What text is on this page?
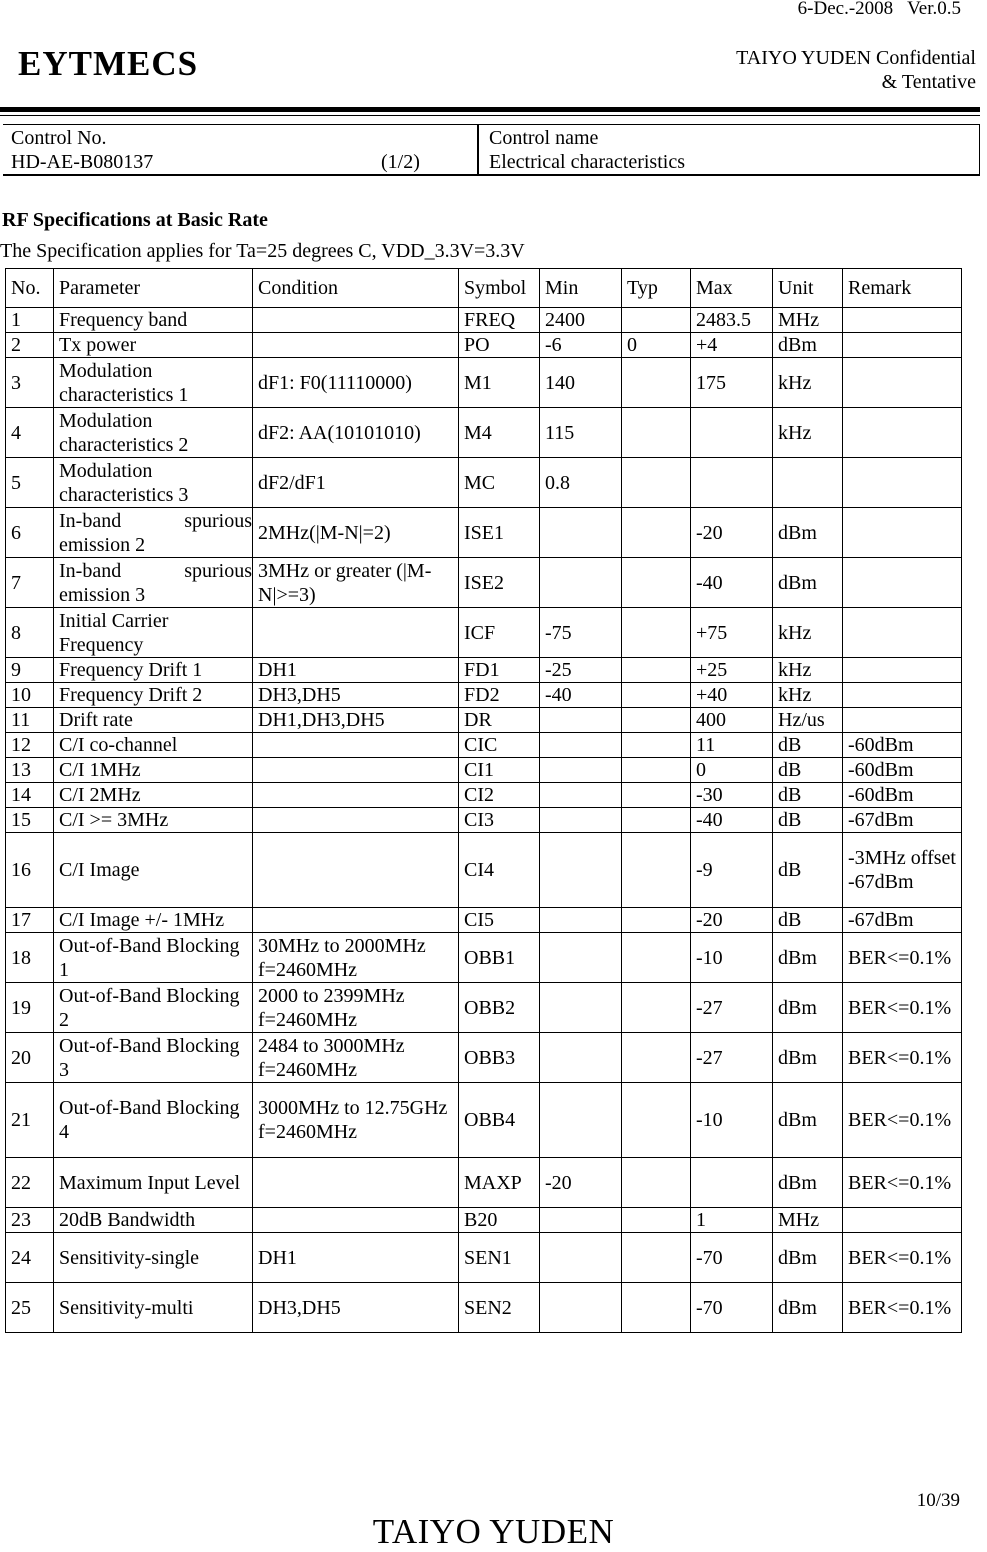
6-Dec.-2008 Ver.0.5
EYTMECS	TAIYO YUDEN Confidential
& Tentative
Control No.
HD-AE-B080137	(1/2)
Control name
Electrical characteristics
RF Specifications at Basic Rate
The Specification applies for Ta=25 degrees C, VDD_3.3V=3.3V
No.	Parameter	Condition	Symbol	Min	Typ	Max	Unit	Remark
1	Frequency band		FREQ	2400		2483.5	MHz	
2	Tx power		PO	-6	0	+4	dBm	
3	Modulation characteristics 1	dF1: F0(11110000)	M1	140		175	kHz	
4	Modulation characteristics 2	dF2: AA(10101010)	M4	115			kHz	
5	Modulation characteristics 3	dF2/dF1	MC	0.8				
6	In-band spurious emission 2	2MHz(|M-N|=2)	ISE1			-20	dBm	
7	In-band spurious emission 3	3MHz or greater (|M-N|>=3)	ISE2			-40	dBm	
8	Initial Carrier Frequency		ICF	-75		+75	kHz	
9	Frequency Drift 1	DH1	FD1	-25		+25	kHz	
10	Frequency Drift 2	DH3,DH5	FD2	-40		+40	kHz	
11	Drift rate	DH1,DH3,DH5	DR			400	Hz/us	
12	C/I co-channel		CIC			11	dB	-60dBm
13	C/I 1MHz		CI1			0	dB	-60dBm
14	C/I 2MHz		CI2			-30	dB	-60dBm
15	C/I >= 3MHz		CI3			-40	dB	-67dBm
16	C/I Image		CI4			-9	dB	-3MHz offset -67dBm
17	C/I Image +/- 1MHz		CI5			-20	dB	-67dBm
18	Out-of-Band Blocking 1	30MHz to 2000MHz f=2460MHz	OBB1			-10	dBm	BER<=0.1%
19	Out-of-Band Blocking 2	2000 to 2399MHz f=2460MHz	OBB2			-27	dBm	BER<=0.1%
20	Out-of-Band Blocking 3	2484 to 3000MHz f=2460MHz	OBB3			-27	dBm	BER<=0.1%
21	Out-of-Band Blocking 4	3000MHz to 12.75GHz f=2460MHz	OBB4			-10	dBm	BER<=0.1%
22	Maximum Input Level		MAXP	-20			dBm	BER<=0.1%
23	20dB Bandwidth		B20			1	MHz	
24	Sensitivity-single	DH1	SEN1			-70	dBm	BER<=0.1%
25	Sensitivity-multi	DH3,DH5	SEN2			-70	dBm	BER<=0.1%
10/39
TAIYO YUDEN
